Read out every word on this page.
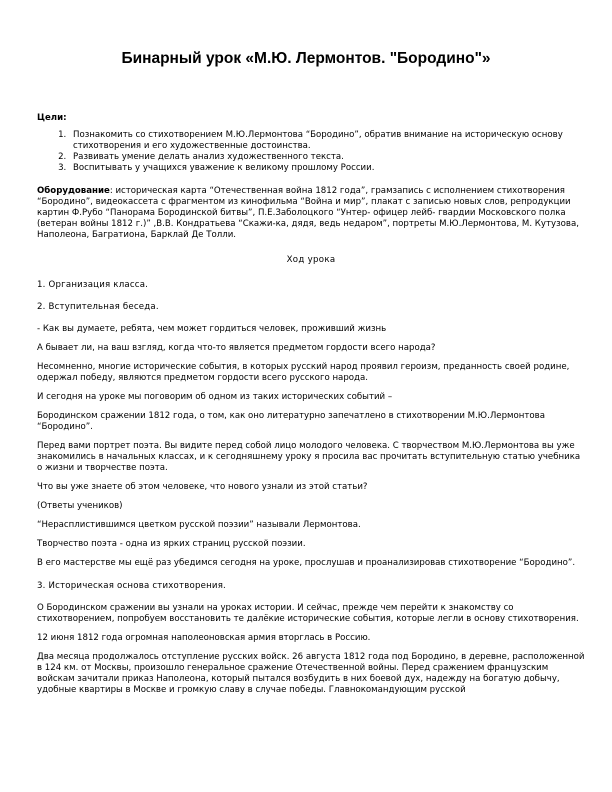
Бинарный урок «М.Ю. Лермонтов. "Бородино"»
Цели:
1. Познакомить со стихотворением М.Ю.Лермонтова “Бородино”, обратив внимание на историческую основу стихотворения и его художественные достоинства.
2. Развивать умение делать анализ художественного текста.
3. Воспитывать у учащихся уважение к великому прошлому России.
Оборудование: историческая карта “Отечественная война 1812 года”, грамзапись с исполнением стихотворения “Бородино”, видеокассета с фрагментом из кинофильма “Война и мир”, плакат с записью новых слов, репродукции картин Ф.Рубо “Панорама Бородинской битвы”, П.Е.Заболоцкого “Унтер- офицер лейб- гвардии Московского полка (ветеран войны 1812 г.)” ,В.В. Кондратьева “Скажи-ка, дядя, ведь недаром”, портреты М.Ю.Лермонтова, М. Кутузова, Наполеона, Багратиона, Барклай Де Толли.
Ход урока
1. Организация класса.
2. Вступительная беседа.

- Как вы думаете, ребята, чем может гордиться человек, проживший жизнь

А бывает ли, на ваш взгляд, когда что-то является предметом гордости всего народа?

Несомненно, многие исторические события, в которых русский народ проявил героизм, преданность своей родине, одержал победу, являются предметом гордости всего русского народа.

И сегодня на уроке мы поговорим об одном из таких исторических событий –

Бородинском сражении 1812 года, о том, как оно литературно запечатлено в стихотворении М.Ю.Лермонтова “Бородино”.

Перед вами портрет поэта. Вы видите перед собой лицо молодого человека. С творчеством М.Ю.Лермонтова вы уже знакомились в начальных классах, и к сегодняшнему уроку я просила вас прочитать вступительную статью учебника о жизни и творчестве поэта.

Что вы уже знаете об этом человеке, что нового узнали из этой статьи?

(Ответы учеников)

“Нерасплистившимся цветком русской поэзии” называли Лермонтова.

Творчество поэта - одна из ярких страниц русской поэзии.

В его мастерстве мы ещё раз убедимся сегодня на уроке, прослушав и проанализировав стихотворение “Бородино”.

3. Историческая основа стихотворения.

О Бородинском сражении вы узнали на уроках истории. И сейчас, прежде чем перейти к знакомству со стихотворением, попробуем восстановить те далёкие исторические события, которые легли в основу стихотворения.

12 июня 1812 года огромная наполеоновская армия вторглась в Россию.

Два месяца продолжалось отступление русских войск. 26 августа 1812 года под Бородино, в деревне, расположенной в 124 км. от Москвы, произошло генеральное сражение Отечественной войны. Перед сражением французским войскам зачитали приказ Наполеона, который пытался возбудить в них боевой дух, надежду на богатую добычу, удобные квартиры в Москве и громкую славу в случае победы. Главнокомандующим русской
